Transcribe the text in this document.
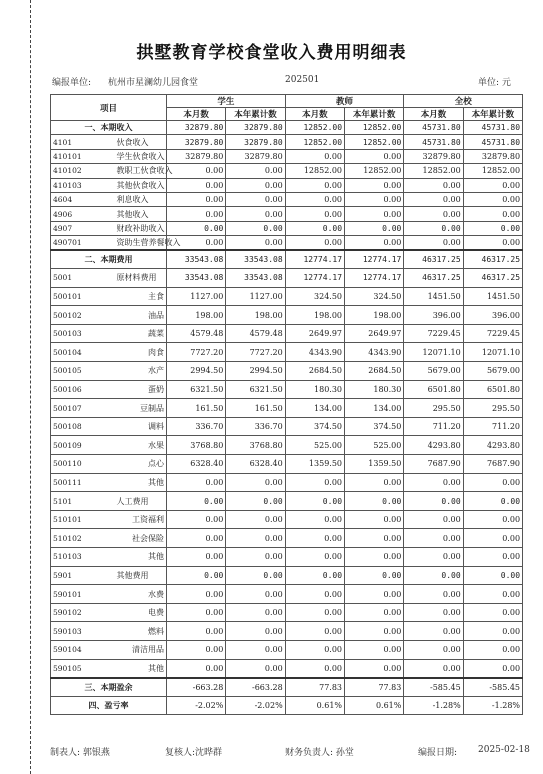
拱墅教育学校食堂收入费用明细表
编报单位: 杭州市星澜幼儿园食堂	202501	单位: 元
项目		学生		教师		全校	
		本月数	本年累计数	本月数	本年累计数	本月数	本年累计数
一、本期收入		32879.80	32879.80	12852.00	12852.00	45731.80	45731.80
4101	伙食收入	32879.80	32879.80	12852.00	12852.00	45731.80	45731.80
410101	学生伙食收入	32879.80	32879.80	0.00	0.00	32879.80	32879.80
410102	教职工伙食收入	0.00	0.00	12852.00	12852.00	12852.00	12852.00
410103	其他伙食收入	0.00	0.00	0.00	0.00	0.00	0.00
4604	利息收入	0.00	0.00	0.00	0.00	0.00	0.00
4906	其他收入	0.00	0.00	0.00	0.00	0.00	0.00
4907	财政补助收入	0.00	0.00	0.00	0.00	0.00	0.00
490701	资助生营养餐收入	0.00	0.00	0.00	0.00	0.00	0.00
二、本期费用		33543.08	33543.08	12774.17	12774.17	46317.25	46317.25
5001	原材料费用	33543.08	33543.08	12774.17	12774.17	46317.25	46317.25
500101	主食	1127.00	1127.00	324.50	324.50	1451.50	1451.50
500102	油品	198.00	198.00	198.00	198.00	396.00	396.00
500103	蔬菜	4579.48	4579.48	2649.97	2649.97	7229.45	7229.45
500104	肉食	7727.20	7727.20	4343.90	4343.90	12071.10	12071.10
500105	水产	2994.50	2994.50	2684.50	2684.50	5679.00	5679.00
500106	蛋奶	6321.50	6321.50	180.30	180.30	6501.80	6501.80
500107	豆制品	161.50	161.50	134.00	134.00	295.50	295.50
500108	调料	336.70	336.70	374.50	374.50	711.20	711.20
500109	水果	3768.80	3768.80	525.00	525.00	4293.80	4293.80
500110	点心	6328.40	6328.40	1359.50	1359.50	7687.90	7687.90
500111	其他	0.00	0.00	0.00	0.00	0.00	0.00
5101	人工费用	0.00	0.00	0.00	0.00	0.00	0.00
510101	工资福利	0.00	0.00	0.00	0.00	0.00	0.00
510102	社会保险	0.00	0.00	0.00	0.00	0.00	0.00
510103	其他	0.00	0.00	0.00	0.00	0.00	0.00
5901	其他费用	0.00	0.00	0.00	0.00	0.00	0.00
590101	水费	0.00	0.00	0.00	0.00	0.00	0.00
590102	电费	0.00	0.00	0.00	0.00	0.00	0.00
590103	燃料	0.00	0.00	0.00	0.00	0.00	0.00
590104	清洁用品	0.00	0.00	0.00	0.00	0.00	0.00
590105	其他	0.00	0.00	0.00	0.00	0.00	0.00
三、本期盈余		-663.28	-663.28	77.83	77.83	-585.45	-585.45
四、盈亏率		-2.02%	-2.02%	0.61%	0.61%	-1.28%	-1.28%
制表人: 郭银燕	复核人:沈晔群	财务负责人: 孙堂	编报日期: 2025-02-18
